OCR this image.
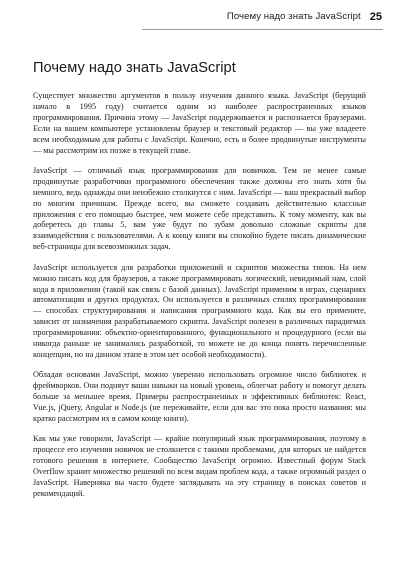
Почему надо знать JavaScript 25
Почему надо знать JavaScript

Существует множество аргументов в пользу изучения данного языка. JavaScript (берущий начало в 1995 году) считается одним из наиболее распространенных языков программирования. Причина этому — JavaScript поддерживается и распознается браузерами. Если на вашем компьютере установлены браузер и текстовый редактор — вы уже владеете всем необходимым для работы с JavaScript. Конечно, есть и более продвинутые инструменты — мы рассмотрим их позже в текущей главе.

JavaScript — отличный язык программирования для новичков. Тем не менее самые продвинутые разработчики программного обеспечения также должны его знать хотя бы немного, ведь однажды они неизбежно столкнутся с ним. JavaScript — ваш прекрасный выбор по многим причинам. Прежде всего, вы сможете создавать действительно классные приложения с его помощью быстрее, чем можете себе представить. К тому моменту, как вы доберетесь до главы 5, вам уже будут по зубам довольно сложные скрипты для взаимодействия с пользователями. А к концу книги вы спокойно будете писать динамические веб-страницы для всевозможных задач.

JavaScript используется для разработки приложений и скриптов множества типов. На нем можно писать код для браузеров, а также программировать логический, невидимый нам, слой кода в приложении (такой как связь с базой данных). JavaScript применим в играх, сценариях автоматизации и других продуктах. Он используется в различных стилях программирования — способах структурирования и написания программного кода. Как вы его примените, зависит от назначения разрабатываемого скрипта. JavaScript полезен в различных парадигмах программирования: объектно-ориентированного, функционального и процедурного (если вы никогда раньше не занимались разработкой, то можете не до конца понять перечисленные концепции, но на данном этапе в этом нет особой необходимости).

Обладая основами JavaScript, можно уверенно использовать огромное число библиотек и фреймворков. Они подняут ваши навыки на новый уровень, облегчат работу и помогут делать больше за меньшее время. Примеры распространенных и эффективных библиотек: React, Vue.js, jQuery, Angular и Node.js (не переживайте, если для вас это пока просто названия: мы кратко рассмотрим их в самом конце книги).

Как мы уже говорили, JavaScript — крайне популярный язык программирования, поэтому в процессе его изучения новичок не столкнется с такими проблемами, для которых не найдется готового решения в интернете. Сообщество JavaScript огромно. Известный форум Stack Overflow хранит множество решений по всем видам проблем кода, а также огромный раздел о JavaScript. Наверняка вы часто будете заглядывать на эту страницу в поисках советов и рекомендаций.
